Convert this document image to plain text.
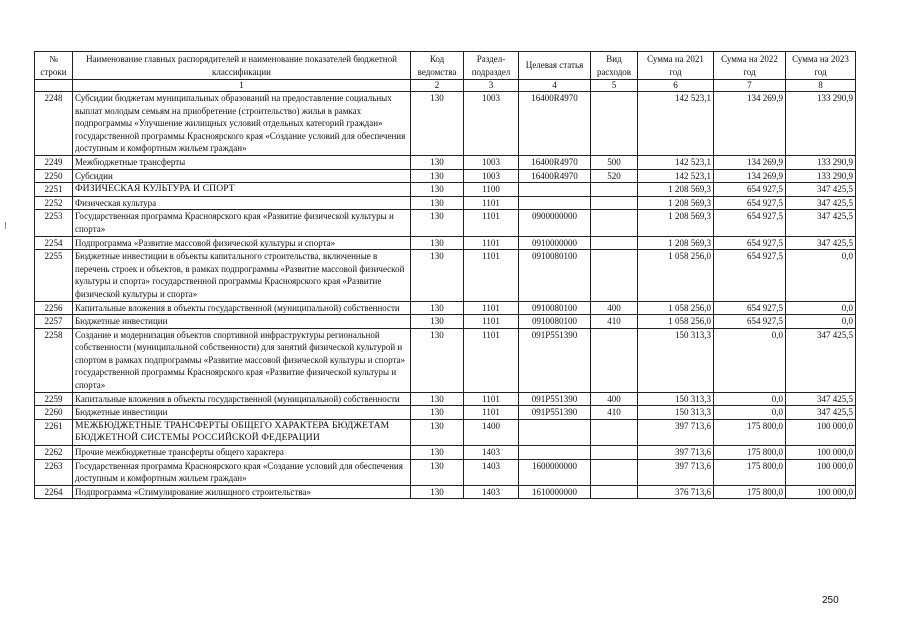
№ строки	Наименование главных распорядителей и наименование показателей бюджетной классификации	Код ведомства	Раздел-подраздел	Целевая статья	Вид расходов	Сумма на 2021 год	Сумма на 2022 год	Сумма на 2023 год
	1	2	3	4	5	6	7	8
2248	Субсидии бюджетам муниципальных образований на предоставление социальных выплат молодым семьям на приобретение (строительство) жилья в рамках подпрограммы «Улучшение жилищных условий отдельных категорий граждан» государственной программы Красноярского края «Создание условий для обеспечения доступным и комфортным жильем граждан»	130	1003	16400R4970		142 523,1	134 269,9	133 290,9
2249	Межбюджетные трансферты	130	1003	16400R4970	500	142 523,1	134 269,9	133 290,9
2250	Субсидии	130	1003	16400R4970	520	142 523,1	134 269,9	133 290,9
2251	ФИЗИЧЕСКАЯ КУЛЬТУРА И СПОРТ	130	1100			1 208 569,3	654 927,5	347 425,5
2252	Физическая культура	130	1101			1 208 569,3	654 927,5	347 425,5
2253	Государственная программа Красноярского края «Развитие физической культуры и спорта»	130	1101	0900000000		1 208 569,3	654 927,5	347 425,5
2254	Подпрограмма «Развитие массовой физической культуры и спорта»	130	1101	0910000000		1 208 569,3	654 927,5	347 425,5
2255	Бюджетные инвестиции в объекты капитального строительства, включенные в перечень строек и объектов, в рамках подпрограммы «Развитие массовой физической культуры и спорта» государственной программы Красноярского края «Развитие физической культуры и спорта»	130	1101	0910080100		1 058 256,0	654 927,5	0,0
2256	Капитальные вложения в объекты государственной (муниципальной) собственности	130	1101	0910080100	400	1 058 256,0	654 927,5	0,0
2257	Бюджетные инвестиции	130	1101	0910080100	410	1 058 256,0	654 927,5	0,0
2258	Создание и модернизация объектов спортивной инфраструктуры региональной собственности (муниципальной собственности) для занятий физической культурой и спортом в рамках подпрограммы «Развитие массовой физической культуры и спорта» государственной программы Красноярского края «Развитие физической культуры и спорта»	130	1101	091P551390		150 313,3	0,0	347 425,5
2259	Капитальные вложения в объекты государственной (муниципальной) собственности	130	1101	091P551390	400	150 313,3	0,0	347 425,5
2260	Бюджетные инвестиции	130	1101	091P551390	410	150 313,3	0,0	347 425,5
2261	МЕЖБЮДЖЕТНЫЕ ТРАНСФЕРТЫ ОБЩЕГО ХАРАКТЕРА БЮДЖЕТАМ БЮДЖЕТНОЙ СИСТЕМЫ РОССИЙСКОЙ ФЕДЕРАЦИИ	130	1400			397 713,6	175 800,0	100 000,0
2262	Прочие межбюджетные трансферты общего характера	130	1403			397 713,6	175 800,0	100 000,0
2263	Государственная программа Красноярского края «Создание условий для обеспечения доступным и комфортным жильем граждан»	130	1403	1600000000		397 713,6	175 800,0	100 000,0
2264	Подпрограмма «Стимулирование жилищного строительства»	130	1403	1610000000		376 713,6	175 800,0	100 000,0
250
